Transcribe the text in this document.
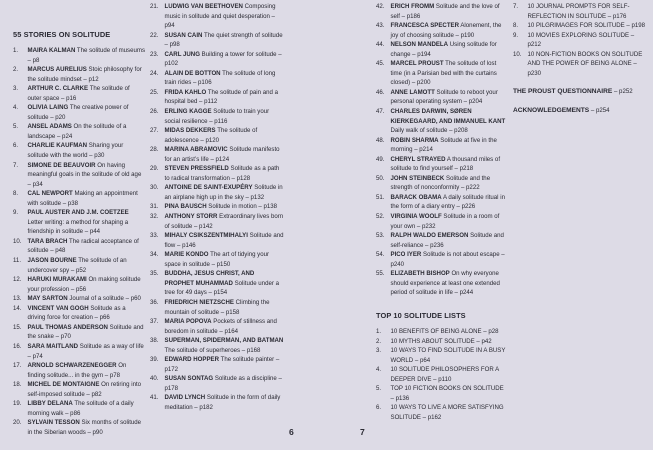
55 STORIES ON SOLITUDE
1.	MAIRA KALMAN The solitude of museums – p8
2.	MARCUS AURELIUS Stoic philosophy for the solitude mindset – p12
3.	ARTHUR C. CLARKE The solitude of outer space – p16
4.	OLIVIA LAING The creative power of solitude – p20
5.	ANSEL ADAMS On the solitude of a landscape – p24
6.	CHARLIE KAUFMAN Sharing your solitude with the world – p30
7.	SIMONE DE BEAUVOIR On having meaningful goals in the solitude of old age – p34
8.	CAL NEWPORT Making an appointment with solitude – p38
9.	PAUL AUSTER AND J.M. COETZEE Letter writing: a method for shaping a friendship in solitude – p44
10. TARA BRACH The radical acceptance of solitude – p48
11.	JASON BOURNE The solitude of an undercover spy – p52
12. HARUKI MURAKAMI On making solitude your profession – p56
13. MAY SARTON Journal of a solitude – p60
14. VINCENT VAN GOGH Solitude as a driving force for creation – p66
15. PAUL THOMAS ANDERSON Solitude and the snake – p70
16. SARA MAITLAND Solitude as a way of life – p74
17. ARNOLD SCHWARZENEGGER On finding solitude... in the gym – p78
18. MICHEL DE MONTAIGNE On retiring into self-imposed solitude – p82
19. LIBBY DELANA The solitude of a daily morning walk – p86
20. SYLVAIN TESSON Six months of solitude in the Siberian woods – p90
21. LUDWIG VAN BEETHOVEN Composing music in solitude and quiet desperation – p94
22. SUSAN CAIN The quiet strength of solitude – p98
23. CARL JUNG Building a tower for solitude – p102
24. ALAIN DE BOTTON The solitude of long train rides – p106
25. FRIDA KAHLO The solitude of pain and a hospital bed – p112
26. ERLING KAGGE Solitude to train your social resilience – p116
27. MIDAS DEKKERS The solitude of adolescence – p120
28. MARINA ABRAMOVIC Solitude manifesto for an artist’s life – p124
29. STEVEN PRESSFIELD Solitude as a path to radical transformation – p128
30. ANTOINE DE SAINT-EXUPÉRY Solitude in an airplane high up in the sky – p132
31. PINA BAUSCH Solitude in motion – p138
32. ANTHONY STORR Extraordinary lives born of solitude – p142
33. MIHALY CSIKSZENTMIHALYI Solitude and flow – p146
34. MARIE KONDO The art of tidying your space in solitude – p150
35. BUDDHA, JESUS CHRIST, AND PROPHET MUHAMMAD Solitude under a tree for 49 days – p154
36. FRIEDRICH NIETZSCHE Climbing the mountain of solitude – p158
37. MARIA POPOVA Pockets of stillness and boredom in solitude – p164
38. SUPERMAN, SPIDERMAN, AND BATMAN The solitude of superheroes – p168
39. EDWARD HOPPER The solitude painter – p172
40. SUSAN SONTAG Solitude as a discipline – p178
41. DAVID LYNCH Solitude in the form of daily meditation – p182
6
42. ERICH FROMM Solitude and the love of self – p186
43. FRANCESCA SPECTER Alonement, the joy of choosing solitude – p190
44. NELSON MANDELA Using solitude for change – p194
45. MARCEL PROUST The solitude of lost time (in a Parisian bed with the curtains closed) – p200
46. ANNE LAMOTT Solitude to reboot your personal operating system – p204
47. CHARLES DARWIN, SØREN KIERKEGAARD, AND IMMANUEL KANT Daily walk of solitude – p208
48. ROBIN SHARMA Solitude at five in the morning – p214
49. CHERYL STRAYED A thousand miles of solitude to find yourself – p218
50. JOHN STEINBECK Solitude and the strength of nonconformity – p222
51. BARACK OBAMA A daily solitude ritual in the form of a diary entry – p226
52. VIRGINIA WOOLF Solitude in a room of your own – p232
53. RALPH WALDO EMERSON Solitude and self-reliance – p236
54. PICO IYER Solitude is not about escape – p240
55. ELIZABETH BISHOP On why everyone should experience at least one extended period of solitude in life – p244
TOP 10 SOLITUDE LISTS
1.	10 BENEFITS OF BEING ALONE – p28
2.	10 MYTHS ABOUT SOLITUDE – p42
3.	10 WAYS TO FIND SOLITUDE IN A BUSY WORLD – p64
4.	10 SOLITUDE PHILOSOPHERS FOR A DEEPER DIVE – p110
5.	TOP 10 FICTION BOOKS ON SOLITUDE – p136
6.	10 WAYS TO LIVE A MORE SATISFYING SOLITUDE – p162
7.	10 JOURNAL PROMPTS FOR SELF-REFLECTION IN SOLITUDE – p176
8.	10 PILGRIMAGES FOR SOLITUDE – p198
9.	10 MOVIES EXPLORING SOLITUDE – p212
10. 10 NON-FICTION BOOKS ON SOLITUDE AND THE POWER OF BEING ALONE – p230
THE PROUST QUESTIONNAIRE – p252
ACKNOWLEDGEMENTS – p254
7
